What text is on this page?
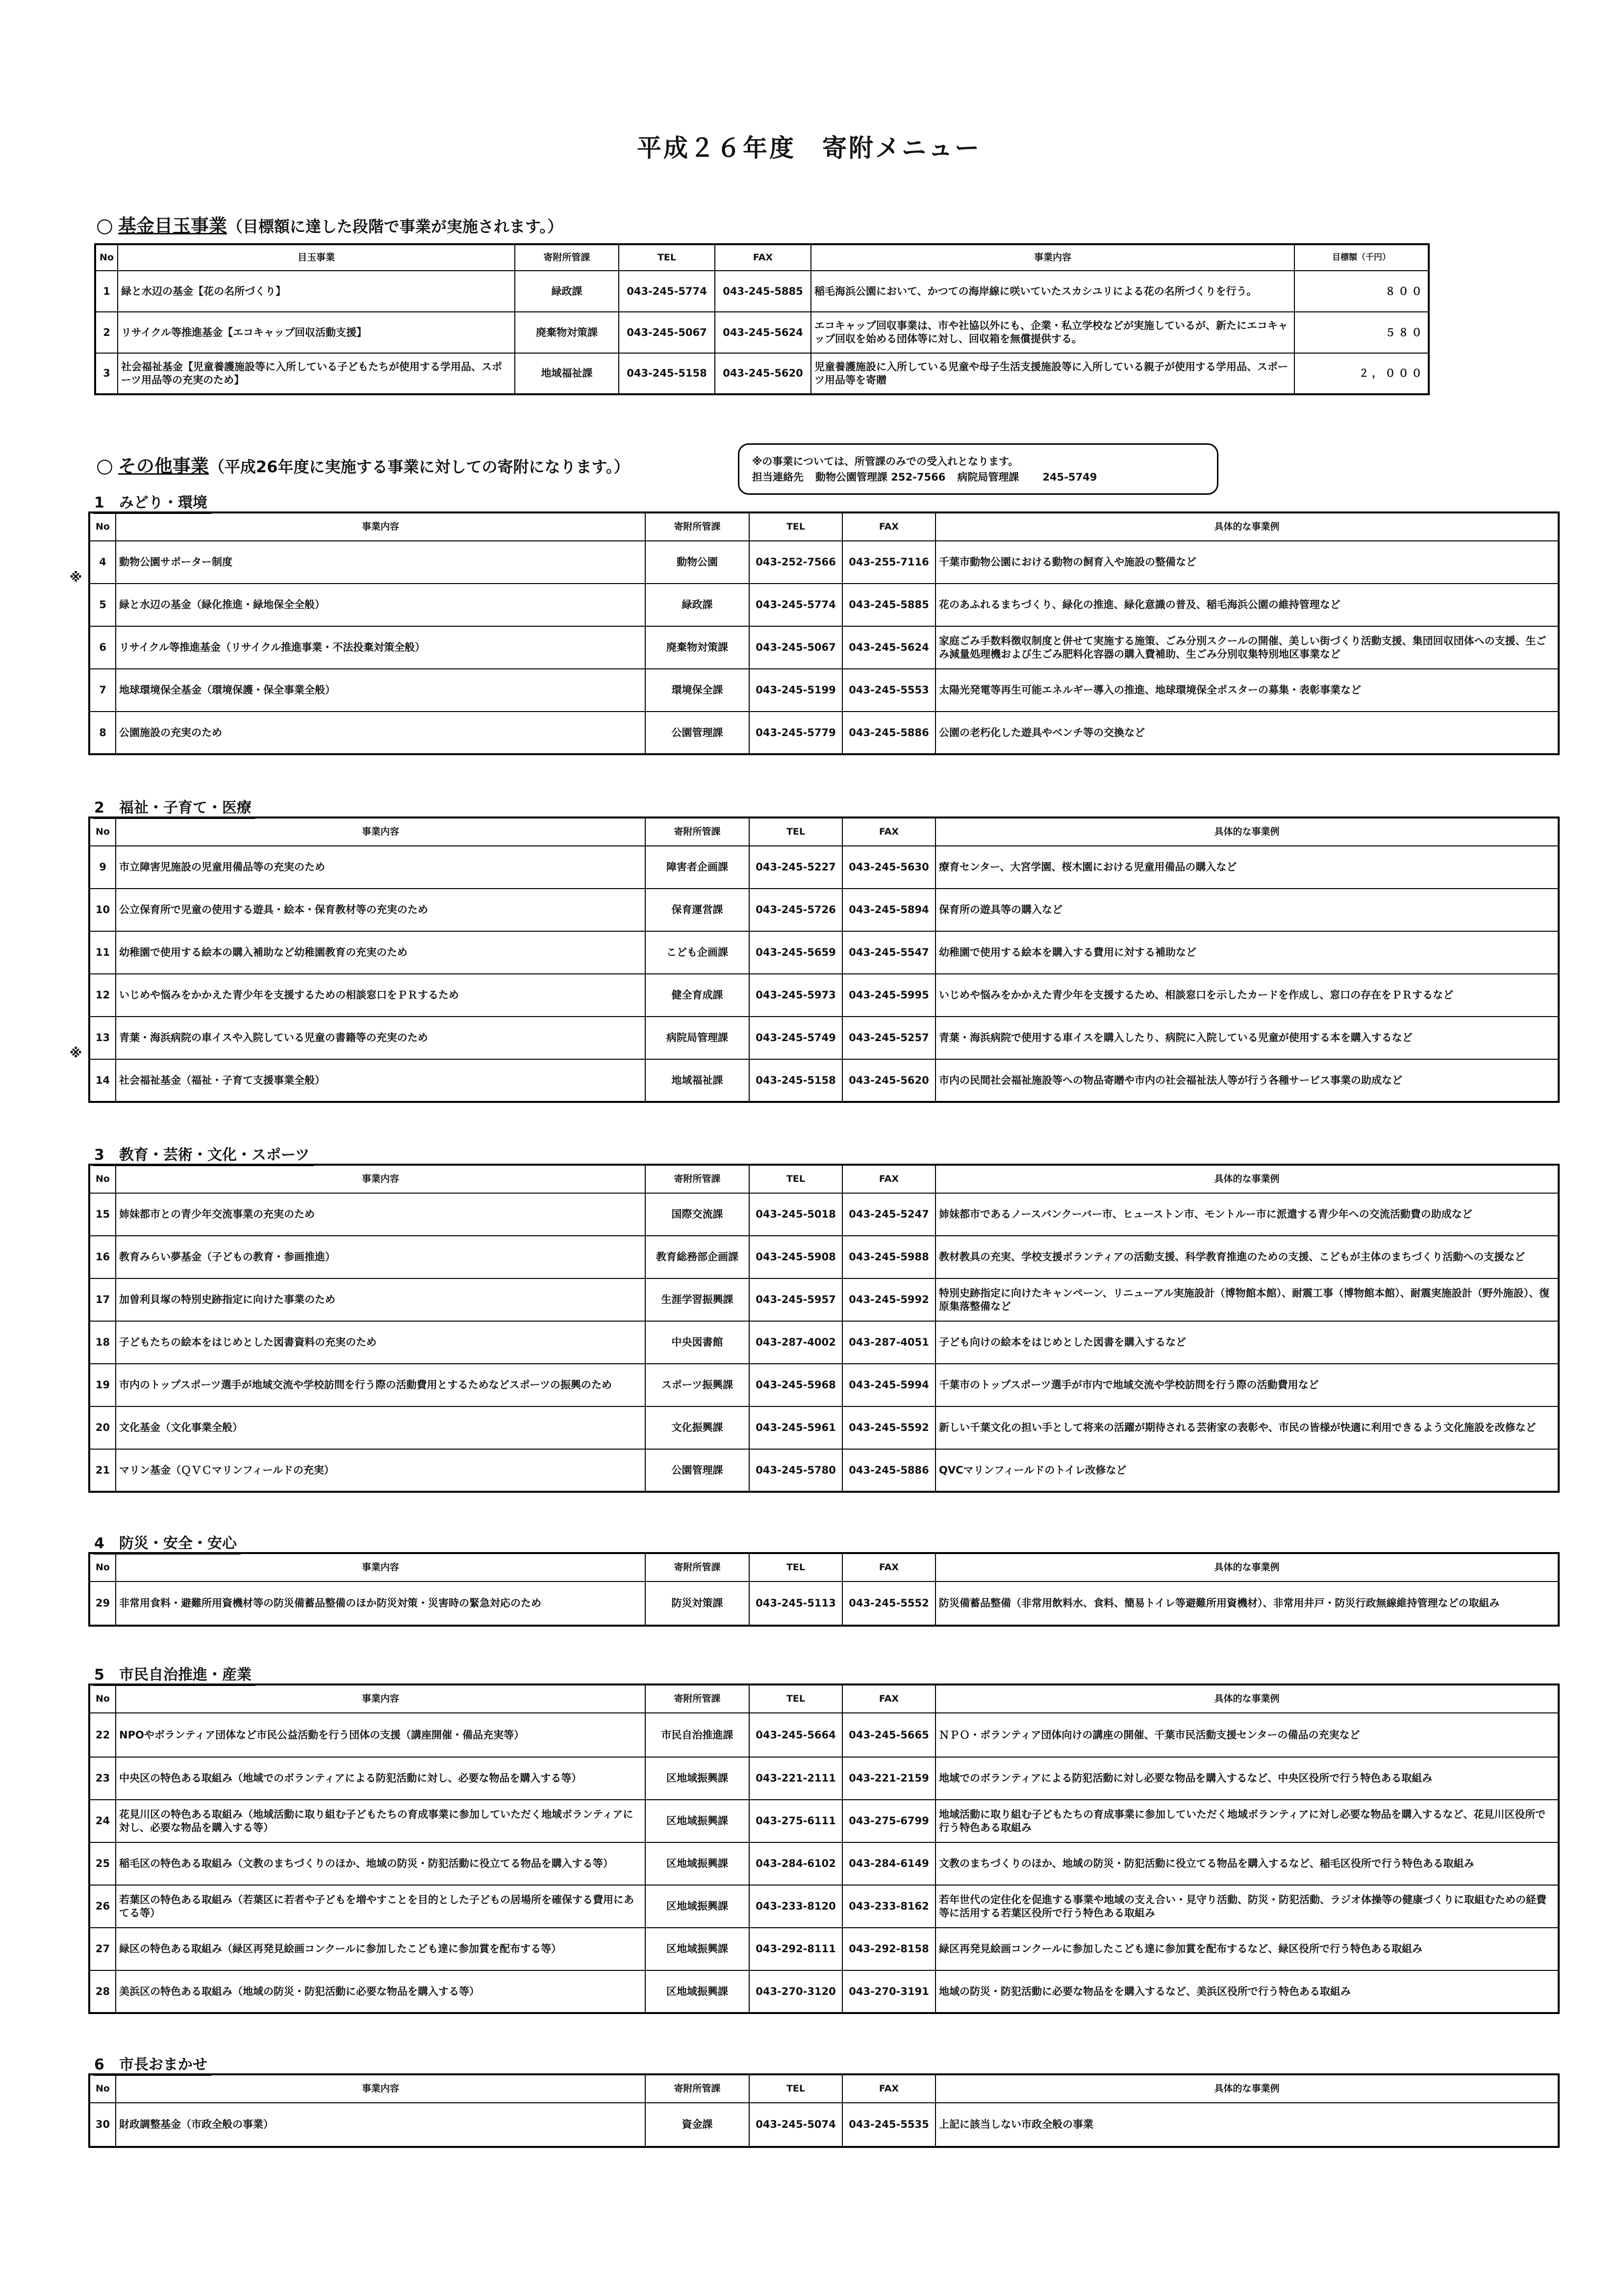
平成２６年度　寄附メニュー
○ 基金目玉事業（目標額に達した段階で事業が実施されます。）
No	目玉事業	寄附所管課	TEL	FAX	事業内容	目標額（千円）
1	緑と水辺の基金【花の名所づくり】	緑政課	043-245-5774	043-245-5885	稲毛海浜公園において、かつての海岸線に咲いていたスカシユリによる花の名所づくりを行う。	８００
2	リサイクル等推進基金【エコキャップ回収活動支援】	廃棄物対策課	043-245-5067	043-245-5624	エコキャップ回収事業は、市や社協以外にも、企業・私立学校などが実施しているが、新たにエコキャップ回収を始める団体等に対し、回収箱を無償提供する。	５８０
3	社会福祉基金【児童養護施設等に入所している子どもたちが使用する学用品、スポーツ用品等の充実のため】	地域福祉課	043-245-5158	043-245-5620	児童養護施設に入所している児童や母子生活支援施設等に入所している親子が使用する学用品、スポーツ用品等を寄贈	２，０００
○ その他事業（平成26年度に実施する事業に対しての寄附になります。）	※の事業については、所管課のみでの受入れとなります。
担当連絡先 動物公園管理課 252-7566 病院局管理課 245-5749
1　みどり・環境
No	事業内容	寄附所管課	TEL	FAX	具体的な事業例
4	動物公園サポーター制度	動物公園	043-252-7566	043-255-7116	千葉市動物公園における動物の飼育入や施設の整備など
5	緑と水辺の基金（緑化推進・緑地保全全般）	緑政課	043-245-5774	043-245-5885	花のあふれるまちづくり、緑化の推進、緑化意識の普及、稲毛海浜公園の維持管理など
6	リサイクル等推進基金（リサイクル推進事業・不法投棄対策全般）	廃棄物対策課	043-245-5067	043-245-5624	家庭ごみ手数料徴収制度と併せて実施する施策、ごみ分別スクールの開催、美しい街づくり活動支援、集団回収団体への支援、生ごみ減量処理機および生ごみ肥料化容器の購入費補助、生ごみ分別収集特別地区事業など
7	地球環境保全基金（環境保護・保全事業全般）	環境保全課	043-245-5199	043-245-5553	太陽光発電等再生可能エネルギー導入の推進、地球環境保全ポスターの募集・表彰事業など
8	公園施設の充実のため	公園管理課	043-245-5779	043-245-5886	公園の老朽化した遊具やベンチ等の交換など
2　福祉・子育て・医療
No	事業内容	寄附所管課	TEL	FAX	具体的な事業例
9	市立障害児施設の児童用備品等の充実のため	障害者企画課	043-245-5227	043-245-5630	療育センター、大宮学園、桜木園における児童用備品の購入など
10	公立保育所で児童の使用する遊具・絵本・保育教材等の充実のため	保育運営課	043-245-5726	043-245-5894	保育所の遊具等の購入など
11	幼稚園で使用する絵本の購入補助など幼稚園教育の充実のため	こども企画課	043-245-5659	043-245-5547	幼稚園で使用する絵本を購入する費用に対する補助など
12	いじめや悩みをかかえた青少年を支援するための相談窓口をＰＲするため	健全育成課	043-245-5973	043-245-5995	いじめや悩みをかかえた青少年を支援するため、相談窓口を示したカードを作成し、窓口の存在をＰＲするなど
13	青葉・海浜病院の車イスや入院している児童の書籍等の充実のため	病院局管理課	043-245-5749	043-245-5257	青葉・海浜病院で使用する車イスを購入したり、病院に入院している児童が使用する本を購入するなど
14	社会福祉基金（福祉・子育て支援事業全般）	地域福祉課	043-245-5158	043-245-5620	市内の民間社会福祉施設等への物品寄贈や市内の社会福祉法人等が行う各種サービス事業の助成など
3　教育・芸術・文化・スポーツ
No	事業内容	寄附所管課	TEL	FAX	具体的な事業例
15	姉妹都市との青少年交流事業の充実のため	国際交流課	043-245-5018	043-245-5247	姉妹都市であるノースバンクーバー市、ヒューストン市、モントルー市に派遣する青少年への交流活動費の助成など
16	教育みらい夢基金（子どもの教育・参画推進）	教育総務部企画課	043-245-5908	043-245-5988	教材教具の充実、学校支援ボランティアの活動支援、科学教育推進のための支援、こどもが主体のまちづくり活動への支援など
17	加曽利貝塚の特別史跡指定に向けた事業のため	生涯学習振興課	043-245-5957	043-245-5992	特別史跡指定に向けたキャンペーン、リニューアル実施設計（博物館本館）、耐震工事（博物館本館）、耐震実施設計（野外施設）、復原集落整備など
18	子どもたちの絵本をはじめとした図書資料の充実のため	中央図書館	043-287-4002	043-287-4051	子ども向けの絵本をはじめとした図書を購入するなど
19	市内のトップスポーツ選手が地域交流や学校訪問を行う際の活動費用とするためなどスポーツの振興のため	スポーツ振興課	043-245-5968	043-245-5994	千葉市のトップスポーツ選手が市内で地域交流や学校訪問を行う際の活動費用など
20	文化基金（文化事業全般）	文化振興課	043-245-5961	043-245-5592	新しい千葉文化の担い手として将来の活躍が期待される芸術家の表彰や、市民の皆様が快適に利用できるよう文化施設を改修など
21	マリン基金（ＱＶＣマリンフィールドの充実）	公園管理課	043-245-5780	043-245-5886	QVCマリンフィールドのトイレ改修など
4　防災・安全・安心
No	事業内容	寄附所管課	TEL	FAX	具体的な事業例
29	非常用食料・避難所用資機材等の防災備蓄品整備のほか防災対策・災害時の緊急対応のため	防災対策課	043-245-5113	043-245-5552	防災備蓄品整備（非常用飲料水、食料、簡易トイレ等避難所用資機材）、非常用井戸・防災行政無線維持管理などの取組み
5　市民自治推進・産業
No	事業内容	寄附所管課	TEL	FAX	具体的な事業例
22	NPOやボランティア団体など市民公益活動を行う団体の支援（講座開催・備品充実等）	市民自治推進課	043-245-5664	043-245-5665	ＮＰＯ・ボランティア団体向けの講座の開催、千葉市民活動支援センターの備品の充実など
23	中央区の特色ある取組み（地域でのボランティアによる防犯活動に対し、必要な物品を購入する等）	区地域振興課	043-221-2111	043-221-2159	地域でのボランティアによる防犯活動に対し必要な物品を購入するなど、中央区役所で行う特色ある取組み
24	花見川区の特色ある取組み（地域活動に取り組む子どもたちの育成事業に参加していただく地域ボランティアに対し、必要な物品を購入する等）	区地域振興課	043-275-6111	043-275-6799	地域活動に取り組む子どもたちの育成事業に参加していただく地域ボランティアに対し必要な物品を購入するなど、花見川区役所で行う特色ある取組み
25	稲毛区の特色ある取組み（文教のまちづくりのほか、地域の防災・防犯活動に役立てる物品を購入する等）	区地域振興課	043-284-6102	043-284-6149	文教のまちづくりのほか、地域の防災・防犯活動に役立てる物品を購入するなど、稲毛区役所で行う特色ある取組み
26	若葉区の特色ある取組み（若葉区に若者や子どもを増やすことを目的とした子どもの居場所を確保する費用にあてる等）	区地域振興課	043-233-8120	043-233-8162	若年世代の定住化を促進する事業や地域の支え合い・見守り活動、防災・防犯活動、ラジオ体操等の健康づくりに取組むための経費等に活用する若葉区役所で行う特色ある取組み
27	緑区の特色ある取組み（緑区再発見絵画コンクールに参加したこども達に参加賞を配布する等）	区地域振興課	043-292-8111	043-292-8158	緑区再発見絵画コンクールに参加したこども達に参加賞を配布するなど、緑区役所で行う特色ある取組み
28	美浜区の特色ある取組み（地域の防災・防犯活動に必要な物品を購入する等）	区地域振興課	043-270-3120	043-270-3191	地域の防災・防犯活動に必要な物品をを購入するなど、美浜区役所で行う特色ある取組み
6　市長おまかせ
No	事業内容	寄附所管課	TEL	FAX	具体的な事業例
30	財政調整基金（市政全般の事業）	資金課	043-245-5074	043-245-5535	上記に該当しない市政全般の事業
※
※
